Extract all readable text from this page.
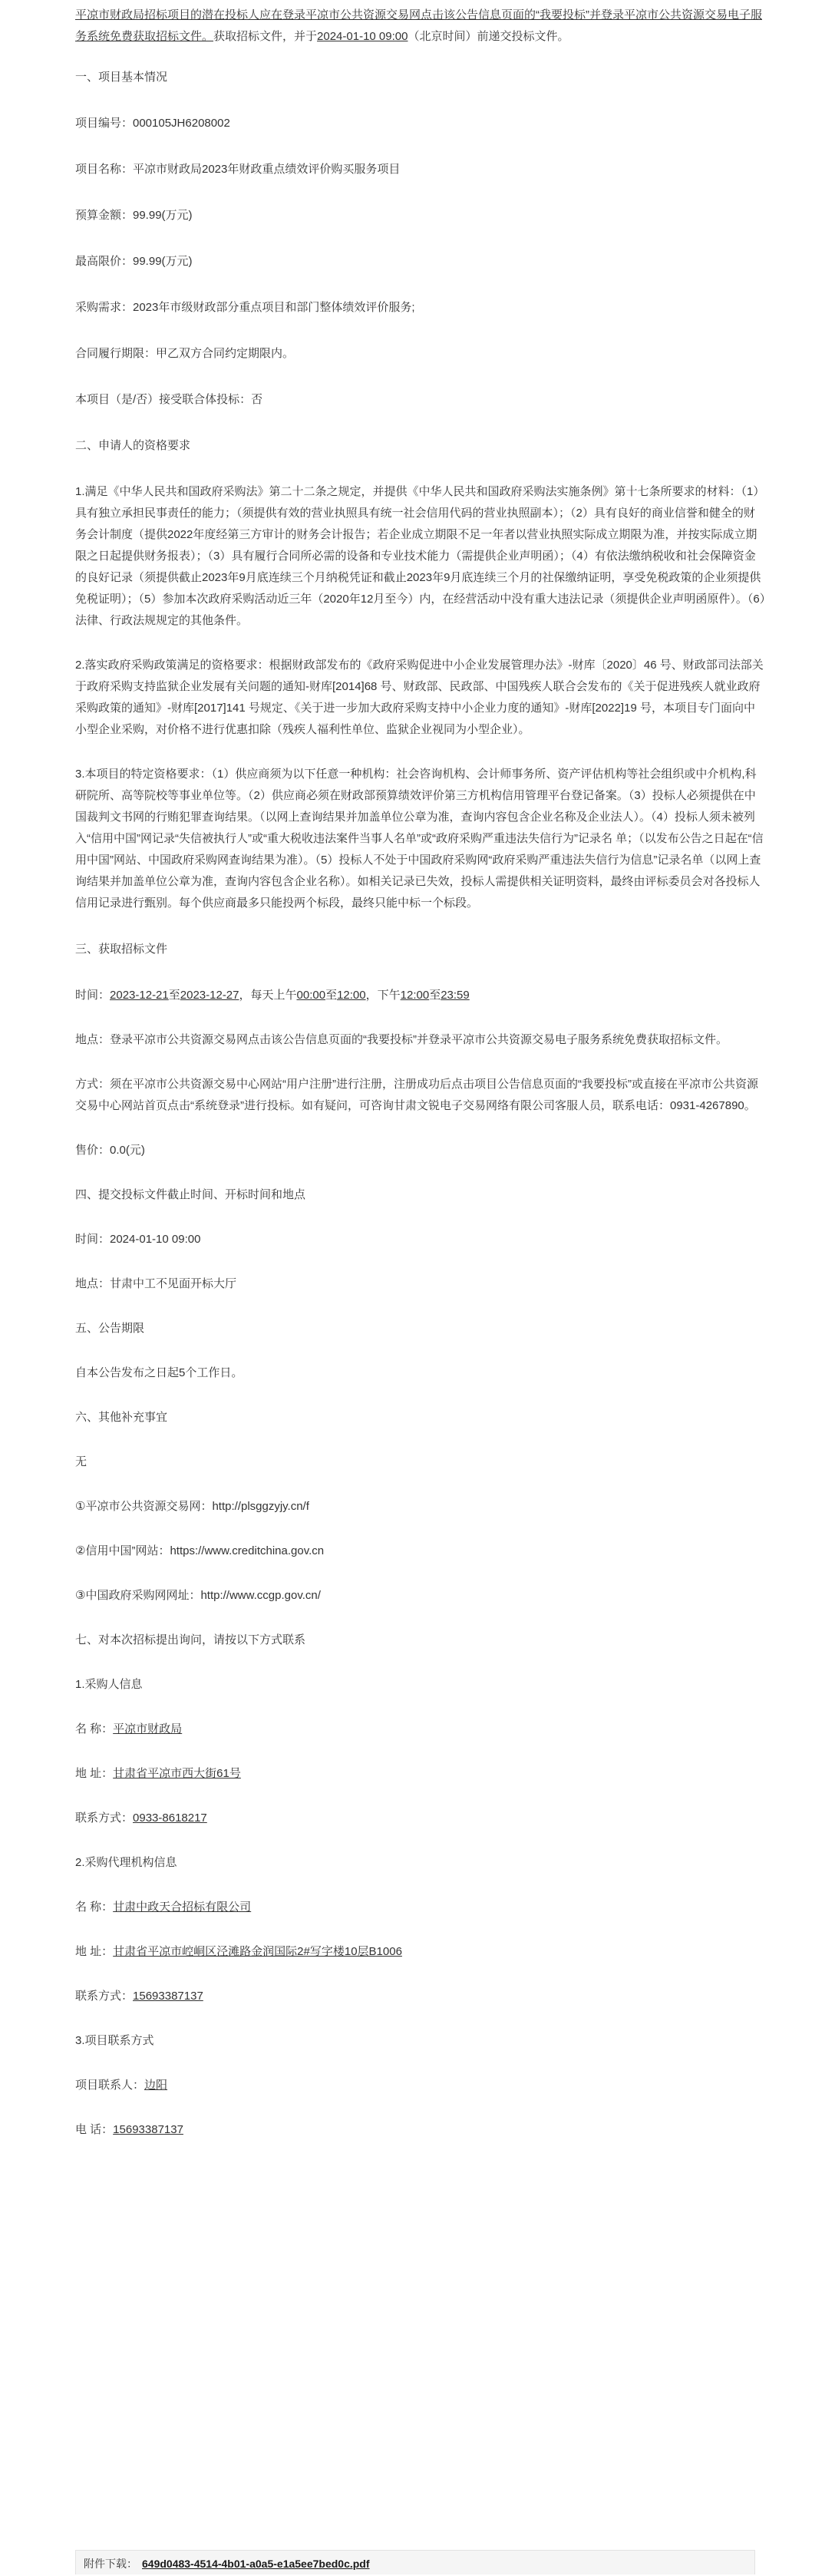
平凉市财政局招标项目的潜在投标人应在登录平凉市公共资源交易网点击该公告信息页面的“我要投标”并登录平凉市公共资源交易电子服务系统免费获取招标文件。获取招标文件，并于2024-01-10 09:00（北京时间）前递交投标文件。

一、项目基本情况

项目编号：000105JH6208002

项目名称：平凉市财政局2023年财政重点绩效评价购买服务项目

预算金额：99.99(万元)

最高限价：99.99(万元)

采购需求：2023年市级财政部分重点项目和部门整体绩效评价服务;

合同履行期限：甲乙双方合同约定期限内。

本项目（是/否）接受联合体投标：否

二、申请人的资格要求

1.满足《中华人民共和国政府采购法》第二十二条之规定，并提供《中华人民共和国政府采购法实施条例》第十七条所要求的材料：（1）具有独立承担民事责任的能力；（须提供有效的营业执照具有统一社会信用代码的营业执照副本）；（2）具有良好的商业信誉和健全的财务会计制度（提供2022年度经第三方审计的财务会计报告；若企业成立期限不足一年者以营业执照实际成立期限为准，并按实际成立期限之日起提供财务报表）；（3）具有履行合同所必需的设备和专业技术能力（需提供企业声明函）；（4）有依法缴纳税收和社会保障资金的良好记录（须提供截止2023年9月底连续三个月纳税凭证和截止2023年9月底连续三个月的社保缴纳证明，享受免税政策的企业须提供免税证明）；（5）参加本次政府采购活动近三年（2020年12月至今）内，在经营活动中没有重大违法记录（须提供企业声明函原件）。（6）法律、行政法规规定的其他条件。

2.落实政府采购政策满足的资格要求：根据财政部发布的《政府采购促进中小企业发展管理办法》-财库〔2020〕46 号、财政部司法部关于政府采购支持监狱企业发展有关问题的通知-财库[2014]68 号、财政部、民政部、中国残疾人联合会发布的《关于促进残疾人就业政府采购政策的通知》-财库[2017]141 号规定、《关于进一步加大政府采购支持中小企业力度的通知》-财库[2022]19 号，本项目专门面向中小型企业采购，对价格不进行优惠扣除（残疾人福利性单位、监狱企业视同为小型企业）。

3.本项目的特定资格要求：（1）供应商须为以下任意一种机构：社会咨询机构、会计师事务所、资产评估机构等社会组织或中介机构,科研院所、高等院校等事业单位等。（2）供应商必须在财政部预算绩效评价第三方机构信用管理平台登记备案。（3）投标人必须提供在中国裁判文书网的行贿犯罪查询结果。（以网上查询结果并加盖单位公章为准，查询内容包含企业名称及企业法人）。（4）投标人须未被列入“信用中国”网记录“失信被执行人”或“重大税收违法案件当事人名单”或“政府采购严重违法失信行为”记录名 单；（以发布公告之日起在“信用中国”网站、中国政府采购网查询结果为准）。（5）投标人不处于中国政府采购网“政府采购严重违法失信行为信息”记录名单（以网上查询结果并加盖单位公章为准，查询内容包含企业名称）。如相关记录已失效，投标人需提供相关证明资料，最终由评标委员会对各投标人信用记录进行甄别。每个供应商最多只能投两个标段，最终只能中标一个标段。

三、获取招标文件

时间：2023-12-21至2023-12-27，每天上午00:00至12:00，下午12:00至23:59

地点：登录平凉市公共资源交易网点击该公告信息页面的“我要投标”并登录平凉市公共资源交易电子服务系统免费获取招标文件。

方式：须在平凉市公共资源交易中心网站“用户注册”进行注册，注册成功后点击项目公告信息页面的“我要投标”或直接在平凉市公共资源交易中心网站首页点击“系统登录”进行投标。如有疑问，可咨询甘肃文锐电子交易网络有限公司客服人员，联系电话：0931-4267890。

售价：0.0(元)

四、提交投标文件截止时间、开标时间和地点

时间：2024-01-10 09:00

地点：甘肃中工不见面开标大厅

五、公告期限

自本公告发布之日起5个工作日。

六、其他补充事宜

无

①平凉市公共资源交易网：http://plsggzyjy.cn/f

②信用中国”网站：https://www.creditchina.gov.cn

③中国政府采购网网址：http://www.ccgp.gov.cn/

七、对本次招标提出询问，请按以下方式联系

1.采购人信息

名 称：平凉市财政局

地 址：甘肃省平凉市西大街61号

联系方式：0933-8618217

2.采购代理机构信息

名 称：甘肃中政天合招标有限公司

地 址：甘肃省平凉市崆峒区泾滩路金润国际2#写字楼10层B1006

联系方式：15693387137

3.项目联系方式

项目联系人：边阳

电 话：15693387137

附件下载： 649d0483-4514-4b01-a0a5-e1a5ee7bed0c.pdf
